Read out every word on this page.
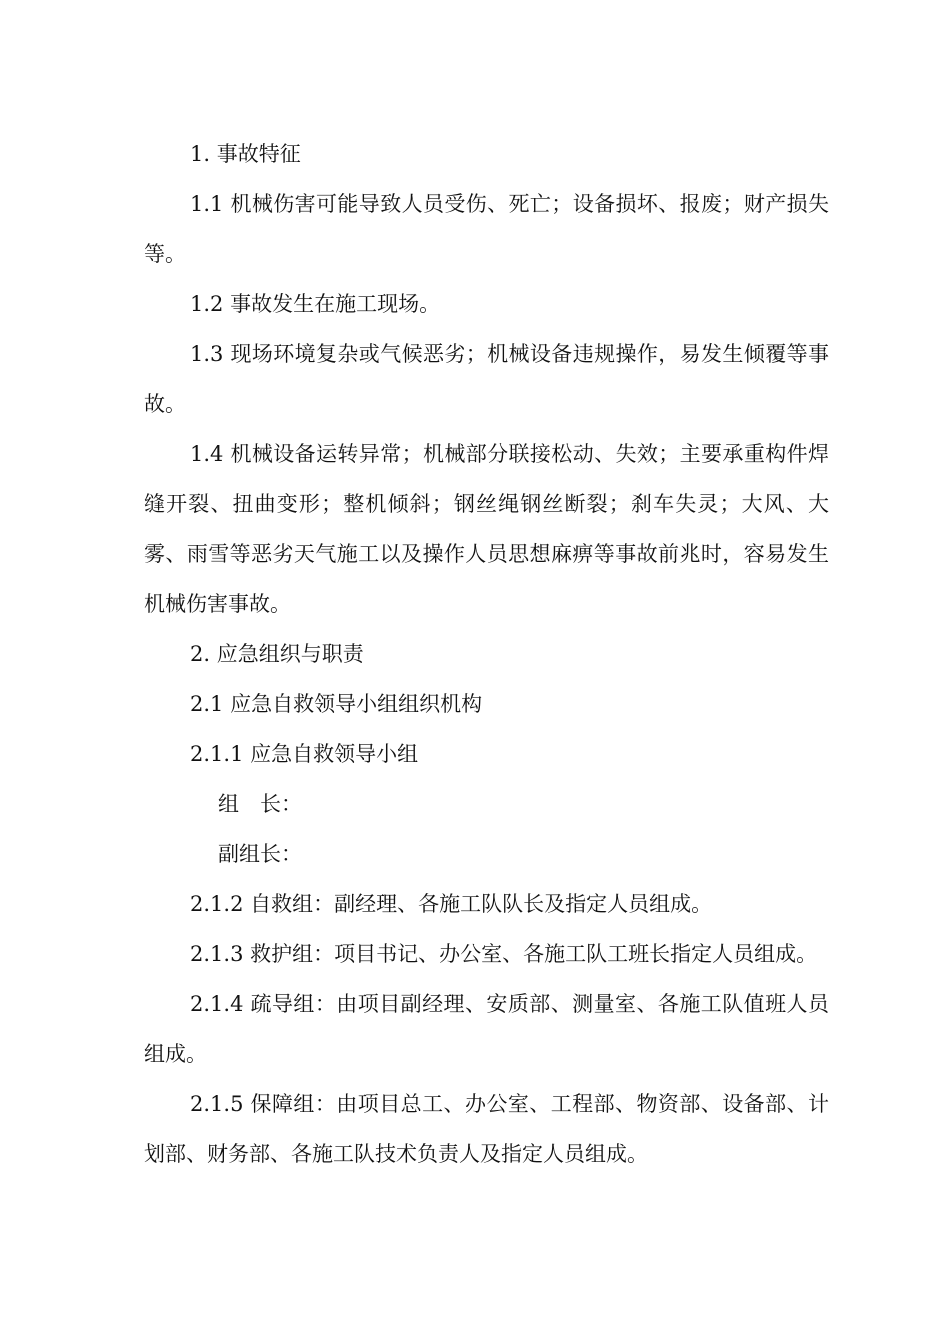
1. 事故特征

1.1 机械伤害可能导致人员受伤、死亡；设备损坏、报废；财产损失等。

1.2 事故发生在施工现场。

1.3 现场环境复杂或气候恶劣；机械设备违规操作，易发生倾覆等事故。

1.4 机械设备运转异常；机械部分联接松动、失效；主要承重构件焊缝开裂、扭曲变形；整机倾斜；钢丝绳钢丝断裂；刹车失灵；大风、大雾、雨雪等恶劣天气施工以及操作人员思想麻痹等事故前兆时，容易发生机械伤害事故。

2. 应急组织与职责

2.1 应急自救领导小组组织机构

2.1.1 应急自救领导小组

组　长：

副组长：

2.1.2 自救组：副经理、各施工队队长及指定人员组成。

2.1.3 救护组：项目书记、办公室、各施工队工班长指定人员组成。

2.1.4 疏导组：由项目副经理、安质部、测量室、各施工队值班人员组成。

2.1.5 保障组：由项目总工、办公室、工程部、物资部、设备部、计划部、财务部、各施工队技术负责人及指定人员组成。
